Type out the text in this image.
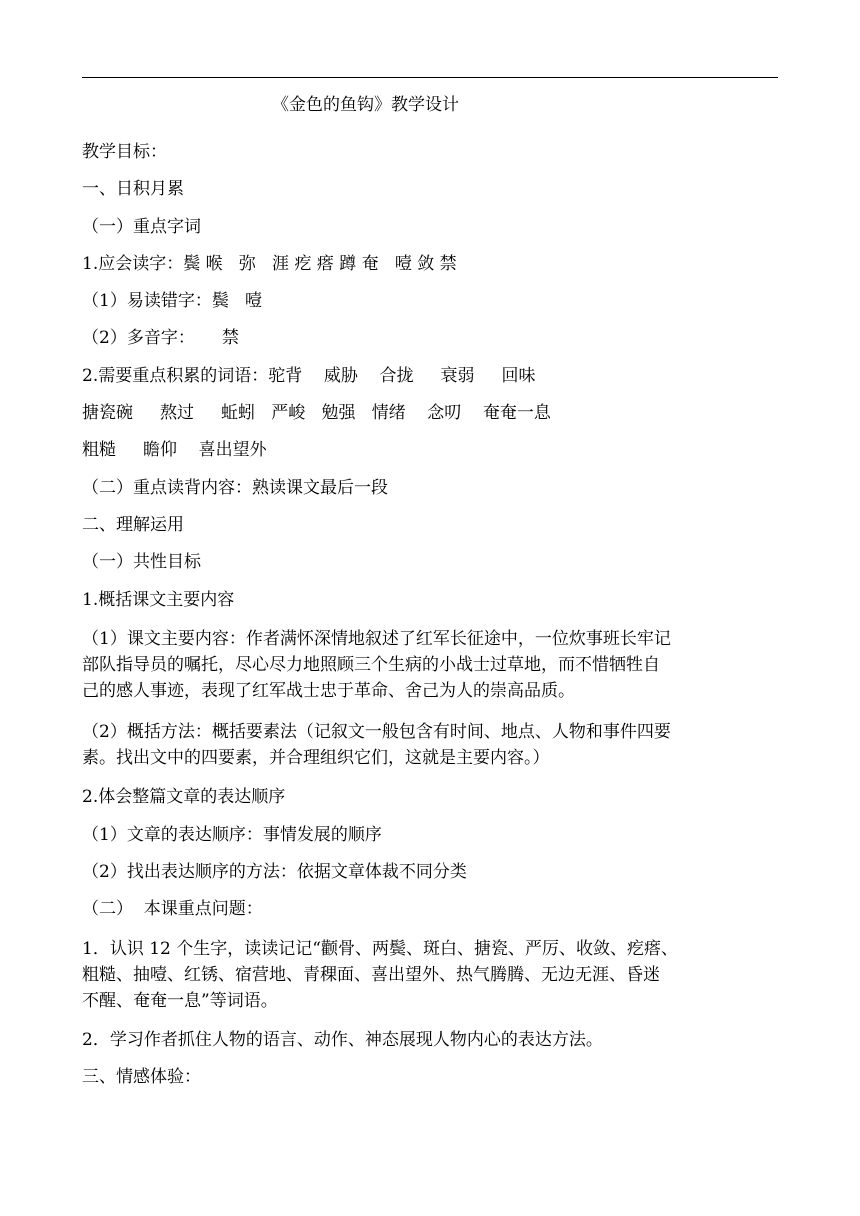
《金色的鱼钩》教学设计
教学目标：
一、日积月累
（一）重点字词
1.应会读字：鬓 喉   弥   涯 疙 瘩 蹲 奄   噎 敛 禁
（1）易读错字：鬓   噎
（2）多音字：     禁
2.需要重点积累的词语：驼背    威胁    合拢     衰弱     回味
搪瓷碗     熬过     蚯蚓   严峻   勉强   情绪    念叨    奄奄一息
粗糙     瞻仰    喜出望外
（二）重点读背内容：熟读课文最后一段
二、理解运用
（一）共性目标
1.概括课文主要内容
（1）课文主要内容：作者满怀深情地叙述了红军长征途中，一位炊事班长牢记
部队指导员的嘱托，尽心尽力地照顾三个生病的小战士过草地，而不惜牺牲自
己的感人事迹，表现了红军战士忠于革命、舍己为人的崇高品质。
（2）概括方法：概括要素法（记叙文一般包含有时间、地点、人物和事件四要
素。找出文中的四要素，并合理组织它们，这就是主要内容。）
2.体会整篇文章的表达顺序
（1）文章的表达顺序：事情发展的顺序
（2）找出表达顺序的方法：依据文章体裁不同分类
（二）  本课重点问题：
1．认识 12 个生字，读读记记“颧骨、两鬓、斑白、搪瓷、严厉、收敛、疙瘩、
粗糙、抽噎、红锈、宿营地、青稞面、喜出望外、热气腾腾、无边无涯、昏迷
不醒、奄奄一息”等词语。
2．学习作者抓住人物的语言、动作、神态展现人物内心的表达方法。
三、情感体验：
